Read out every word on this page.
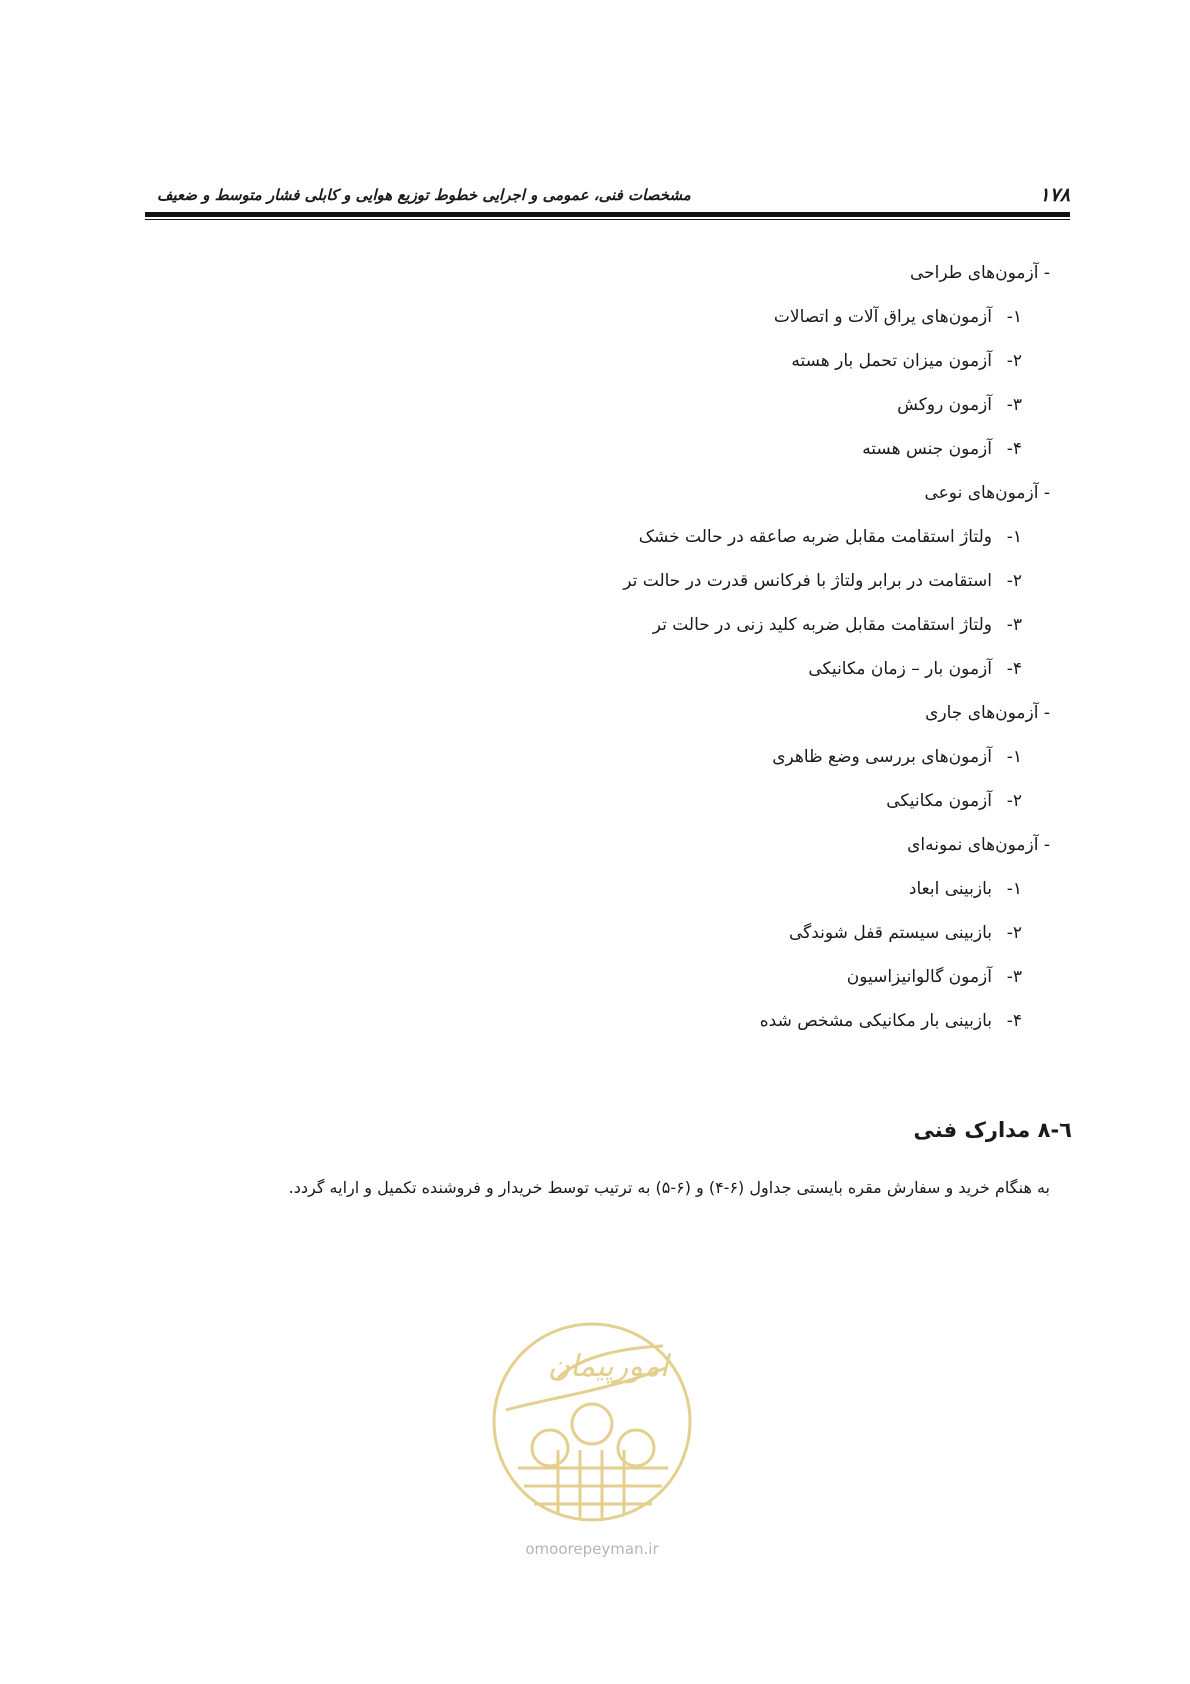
۱۷۸
مشخصات فنی، عمومی و اجرایی خطوط توزیع هوایی و کابلی فشار متوسط و ضعیف
- آزمون‌های طراحی
۱-آزمون‌های یراق آلات و اتصالات
۲-آزمون میزان تحمل بار هسته
۳-آزمون روکش
۴-آزمون جنس هسته
- آزمون‌های نوعی
۱-ولتاژ استقامت مقابل ضربه صاعقه در حالت خشک
۲-استقامت در برابر ولتاژ با فرکانس قدرت در حالت تر
۳-ولتاژ استقامت مقابل ضربه کلید زنی در حالت تر
۴-آزمون بار – زمان مکانیکی
- آزمون‌های جاری
۱-آزمون‌های بررسی وضع ظاهری
۲-آزمون مکانیکی
- آزمون‌های نمونه‌ای
۱-بازبینی ابعاد
۲-بازبینی سیستم قفل شوندگی
۳-آزمون گالوانیزاسیون
۴-بازبینی بار مکانیکی مشخص شده
٦-٨ مدارک فنی

به هنگام خرید و سفارش مقره بایستی جداول (۶-۴) و (۶-۵) به ترتیب توسط خریدار و فروشنده تکمیل و ارایه گردد.

امورپیمان
omoorepeyman.ir
